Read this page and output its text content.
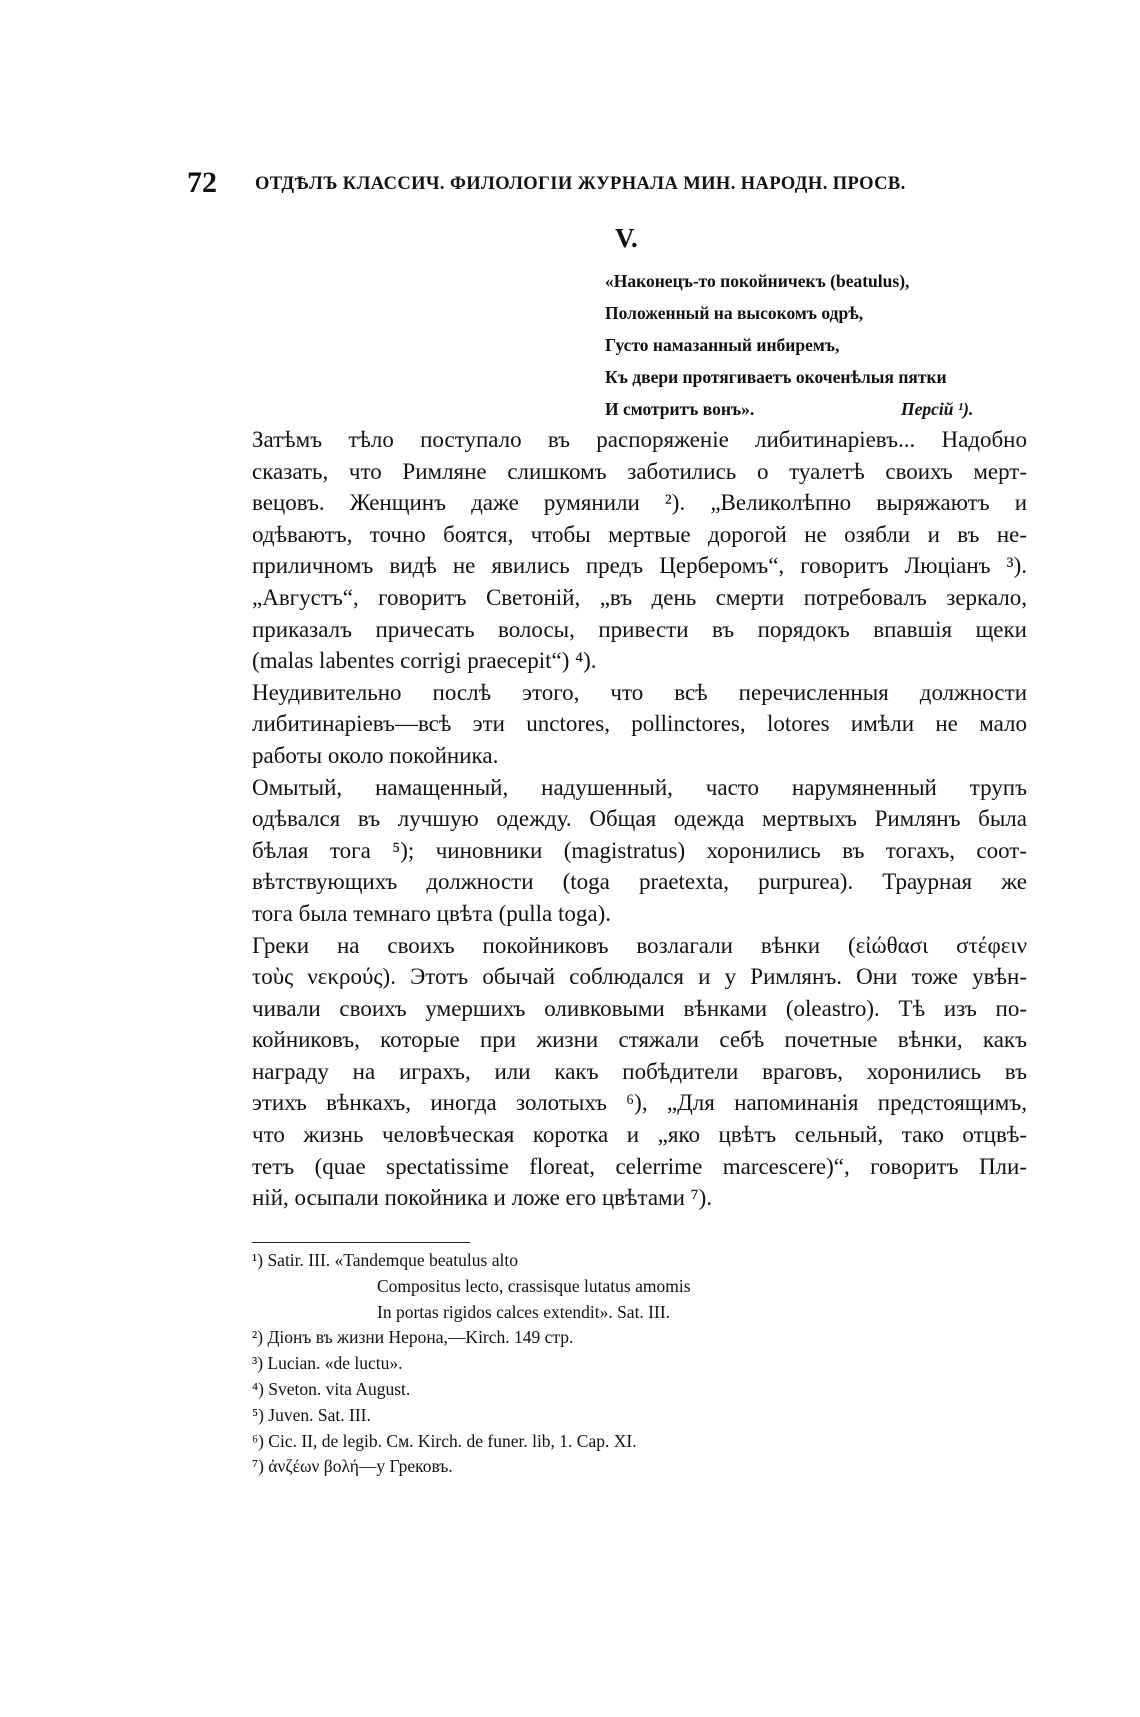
72 ОТДѢЛЪ КЛАССИЧ. ФИЛОЛОГІИ ЖУРНАЛА МИН. НАРОДН. ПРОСВ.
V.
«Наконецъ-то покойничекъ (beatulus),
Положенный на высокомъ одрѣ,
Густо намазанный инбиремъ,
Къ двери протягиваетъ окоченѣлыя пятки
И смотритъ вонъ».	Персій ¹).
Затѣмъ тѣло поступало въ распоряженіе либитинаріевъ... Надобно
сказать, что Римляне слишкомъ заботились о туалетѣ своихъ мерт-
вецовъ. Женщинъ даже румянили ²). „Великолѣпно выряжаютъ и
одѣваютъ, точно боятся, чтобы мертвые дорогой не озябли и въ не-
приличномъ видѣ не явились предъ Церберомъ“, говоритъ Люціанъ ³).
„Августъ“, говоритъ Светоній, „въ день смерти потребовалъ зеркало,
приказалъ причесать волосы, привести въ порядокъ впавшія щеки
(malas labentes corrigi praecepit“) ⁴).
Неудивительно послѣ этого, что всѣ перечисленныя должности
либитинаріевъ—всѣ эти unctores, pollinctores, lotores имѣли не мало
работы около покойника.
Омытый, намащенный, надушенный, часто нарумяненный трупъ
одѣвался въ лучшую одежду. Общая одежда мертвыхъ Римлянъ была
бѣлая тога ⁵); чиновники (magistratus) хоронились въ тогахъ, соот-
вѣтствующихъ должности (toga praetexta, purpurea). Траурная же
тога была темнаго цвѣта (pulla toga).
Греки на своихъ покойниковъ возлагали вѣнки (εἰώθασι στέφειν
τοὺς νεκρούς). Этотъ обычай соблюдался и у Римлянъ. Они тоже увѣн-
чивали своихъ умершихъ оливковыми вѣнками (oleastro). Тѣ изъ по-
койниковъ, которые при жизни стяжали себѣ почетные вѣнки, какъ
награду на играхъ, или какъ побѣдители враговъ, хоронились въ
этихъ вѣнкахъ, иногда золотыхъ ⁶), „Для напоминанія предстоящимъ,
что жизнь человѣческая коротка и „яко цвѣтъ сельный, тако отцвѣ-
тетъ (quae spectatissime floreat, celerrime marcescere)“, говоритъ Пли-
ній, осыпали покойника и ложе его цвѣтами ⁷).
¹) Satir. III. «Tandemque beatulus alto
Compositus lecto, crassisque lutatus amomis
In portas rigidos calces extendit». Sat. III.
²) Діонъ въ жизни Нерона,—Kirch. 149 стр.
³) Lucian. «de luctu».
⁴) Sveton. vita August.
⁵) Juven. Sat. III.
⁶) Cic. II, de legib. См. Kirch. de funer. lib, 1. Cap. XI.
⁷) ἀνζέων βολή—у Грековъ.
